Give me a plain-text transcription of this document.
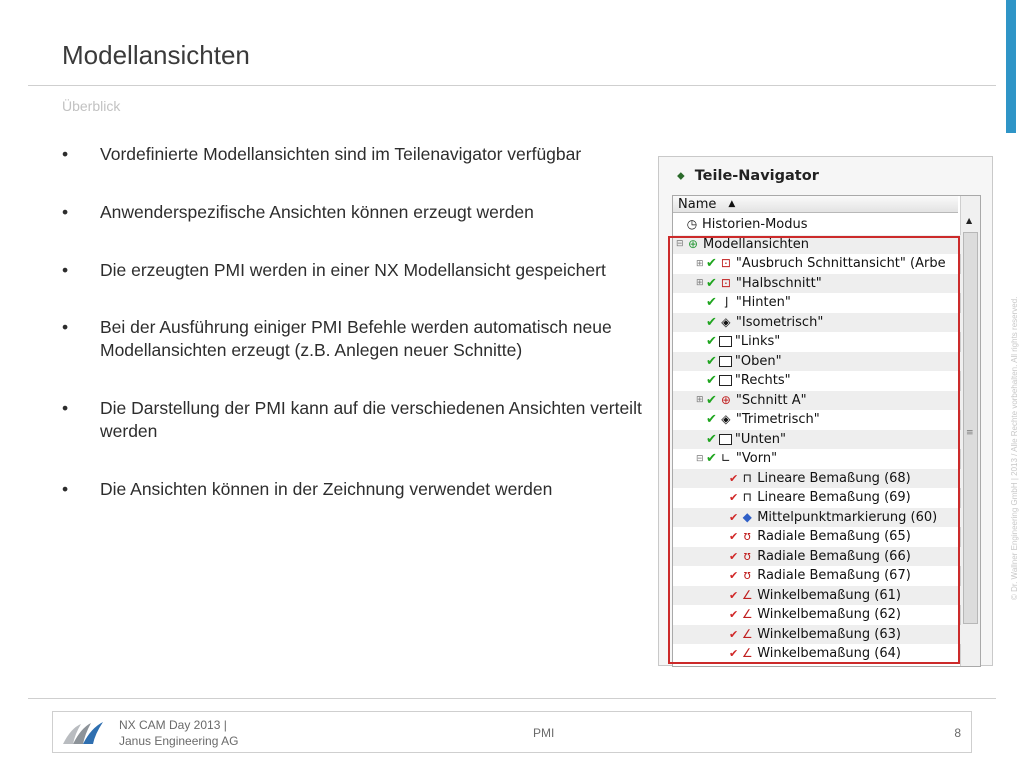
Modellansichten
Überblick
• Vordefinierte Modellansichten sind im Teilenavigator verfügbar
• Anwenderspezifische Ansichten können erzeugt werden
• Die erzeugten PMI werden in einer NX Modellansicht gespeichert
• Bei der Ausführung einiger PMI Befehle werden automatisch neue Modellansichten erzeugt (z.B. Anlegen neuer Schnitte)
• Die Darstellung der PMI kann auf die verschiedenen Ansichten verteilt werden
• Die Ansichten können in der Zeichnung verwendet werden	© Dr. Wallner Engineering GmbH | 2013 / Alle Rechte vorbehalten. All rights reserved.
⬥ Teile-Navigator
Name ▲
▲
≡
◷ Historien-Modus
⊟ ⊕ Modellansichten
⊞ ✔ ⊡ "Ausbruch Schnittansicht" (Arbe
⊞ ✔ ⊡ "Halbschnitt"
✔ ⌋ "Hinten"
✔ ◈ "Isometrisch"
✔ "Links"
✔ "Oben"
✔ "Rechts"
⊞ ✔ ⊕ "Schnitt A"
✔ ◈ "Trimetrisch"
✔ "Unten"
⊟ ✔ ∟ "Vorn"
✔ ⊓ Lineare Bemaßung (68)
✔ ⊓ Lineare Bemaßung (69)
✔ ◆ Mittelpunktmarkierung (60)
✔ ʊ Radiale Bemaßung (65)
✔ ʊ Radiale Bemaßung (66)
✔ ʊ Radiale Bemaßung (67)
✔ ∠ Winkelbemaßung (61)
✔ ∠ Winkelbemaßung (62)
✔ ∠ Winkelbemaßung (63)
✔ ∠ Winkelbemaßung (64)
NX CAM Day 2013 |
Janus Engineering AG
PMI	8
